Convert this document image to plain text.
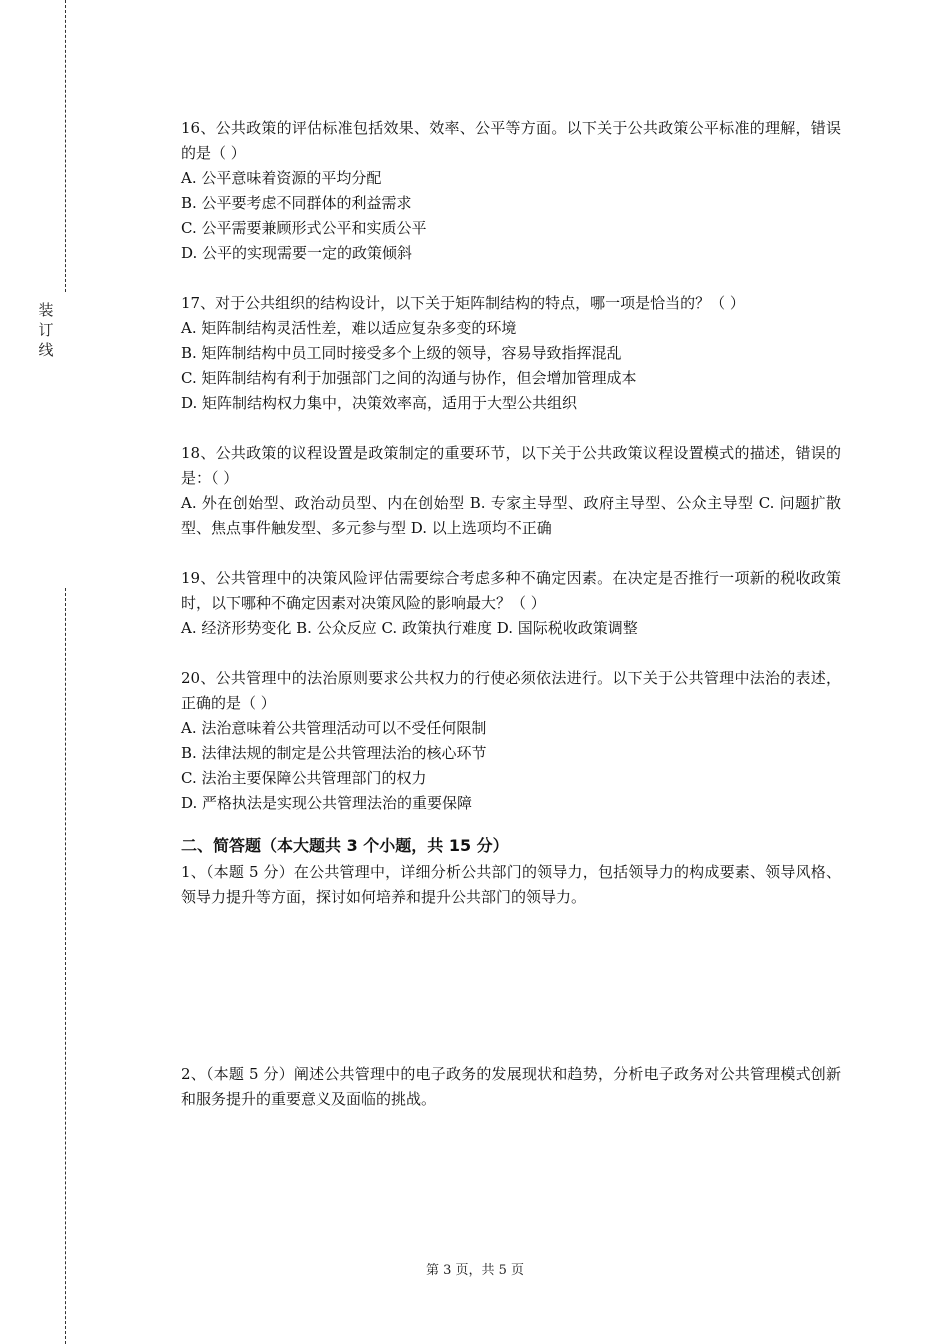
装
订
线

16、公共政策的评估标准包括效果、效率、公平等方面。以下关于公共政策公平标准的理解，错误的是（ ）

A. 公平意味着资源的平均分配

B. 公平要考虑不同群体的利益需求

C. 公平需要兼顾形式公平和实质公平

D. 公平的实现需要一定的政策倾斜

17、对于公共组织的结构设计，以下关于矩阵制结构的特点，哪一项是恰当的？（ ）

A. 矩阵制结构灵活性差，难以适应复杂多变的环境

B. 矩阵制结构中员工同时接受多个上级的领导，容易导致指挥混乱

C. 矩阵制结构有利于加强部门之间的沟通与协作，但会增加管理成本

D. 矩阵制结构权力集中，决策效率高，适用于大型公共组织

18、公共政策的议程设置是政策制定的重要环节，以下关于公共政策议程设置模式的描述，错误的是：（ ）

A. 外在创始型、政治动员型、内在创始型 B. 专家主导型、政府主导型、公众主导型 C. 问题扩散型、焦点事件触发型、多元参与型 D. 以上选项均不正确

19、公共管理中的决策风险评估需要综合考虑多种不确定因素。在决定是否推行一项新的税收政策时，以下哪种不确定因素对决策风险的影响最大？（ ）

A. 经济形势变化 B. 公众反应 C. 政策执行难度 D. 国际税收政策调整

20、公共管理中的法治原则要求公共权力的行使必须依法进行。以下关于公共管理中法治的表述，正确的是（ ）

A. 法治意味着公共管理活动可以不受任何限制

B. 法律法规的制定是公共管理法治的核心环节

C. 法治主要保障公共管理部门的权力

D. 严格执法是实现公共管理法治的重要保障

二、简答题（本大题共 3 个小题，共 15 分）

1、（本题 5 分）在公共管理中，详细分析公共部门的领导力，包括领导力的构成要素、领导风格、领导力提升等方面，探讨如何培养和提升公共部门的领导力。

2、（本题 5 分）阐述公共管理中的电子政务的发展现状和趋势，分析电子政务对公共管理模式创新和服务提升的重要意义及面临的挑战。

第 3 页，共 5 页
